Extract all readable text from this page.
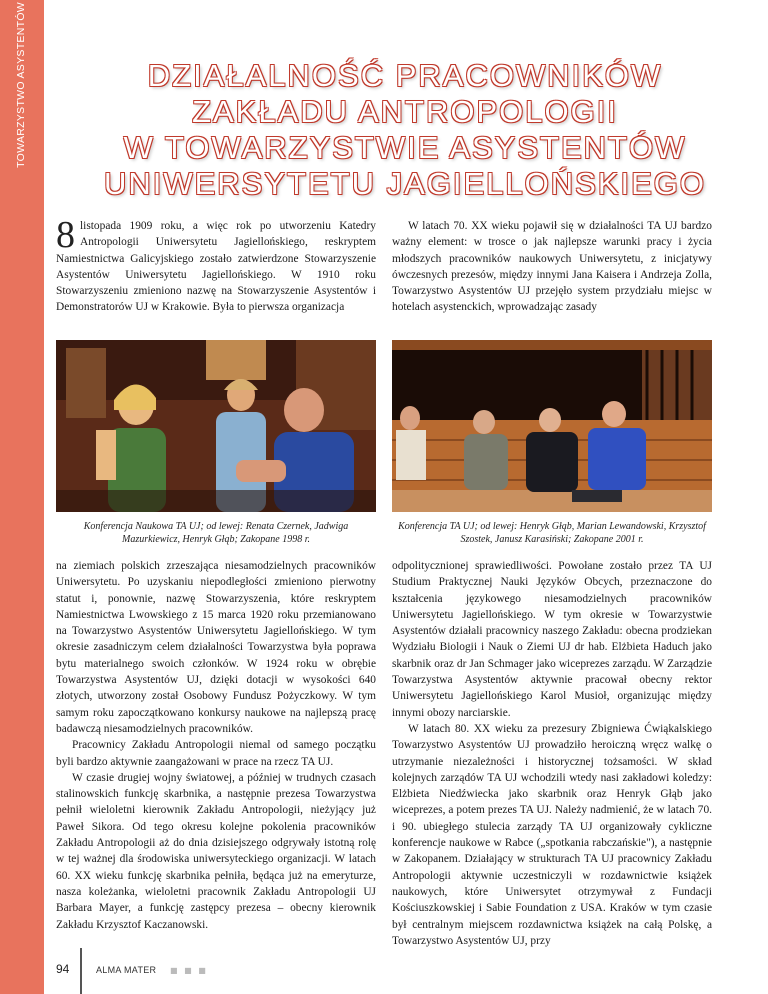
TOWARZYSTWO ASYSTENTÓW	DZIAŁALNOŚĆ PRACOWNIKÓW
ZAKŁADU ANTROPOLOGII
W TOWARZYSTWIE ASYSTENTÓW
UNIWERSYTETU JAGIELLOŃSKIEGO

8 listopada 1909 roku, a więc rok po utworzeniu Katedry Antropologii Uniwersytetu Jagiellońskiego, reskryptem Namiestnictwa Galicyjskiego zostało zatwierdzone Stowarzyszenie Asystentów Uniwersytetu Jagiellońskiego. W 1910 roku Stowarzyszeniu zmieniono nazwę na Stowarzyszenie Asystentów i Demonstratorów UJ w Krakowie. Była to pierwsza organizacja

W latach 70. XX wieku pojawił się w działalności TA UJ bardzo ważny element: w trosce o jak najlepsze warunki pracy i życia młodszych pracowników naukowych Uniwersytetu, z inicjatywy ówczesnych prezesów, między innymi Jana Kaisera i Andrzeja Zolla, Towarzystwo Asystentów UJ przejęło system przydziału miejsc w hotelach asystenckich, wprowadzając zasady

Konferencja Naukowa TA UJ; od lewej: Renata Czernek, Jadwiga Mazurkiewicz, Henryk Głąb; Zakopane 1998 r.
Konferencja TA UJ; od lewej: Henryk Głąb, Marian Lewandowski, Krzysztof Szostek, Janusz Karasiński; Zakopane 2001 r.

na ziemiach polskich zrzeszająca niesamodzielnych pracowników Uniwersytetu. Po uzyskaniu niepodległości zmieniono pierwotny statut i, ponownie, nazwę Stowarzyszenia, które reskryptem Namiestnictwa Lwowskiego z 15 marca 1920 roku przemianowano na Towarzystwo Asystentów Uniwersytetu Jagiellońskiego. W tym okresie zasadniczym celem działalności Towarzystwa była poprawa bytu materialnego swoich członków. W 1924 roku w obrębie Towarzystwa Asystentów UJ, dzięki dotacji w wysokości 640 złotych, utworzony został Osobowy Fundusz Pożyczkowy. W tym samym roku zapoczątkowano konkursy naukowe na najlepszą pracę badawczą niesamodzielnych pracowników.

Pracownicy Zakładu Antropologii niemal od samego początku byli bardzo aktywnie zaangażowani w prace na rzecz TA UJ.

W czasie drugiej wojny światowej, a później w trudnych czasach stalinowskich funkcję skarbnika, a następnie prezesa Towarzystwa pełnił wieloletni kierownik Zakładu Antropologii, nieżyjący już Paweł Sikora. Od tego okresu kolejne pokolenia pracowników Zakładu Antropologii aż do dnia dzisiejszego odgrywały istotną rolę w tej ważnej dla środowiska uniwersyteckiego organizacji. W latach 60. XX wieku funkcję skarbnika pełniła, będąca już na emeryturze, nasza koleżanka, wieloletni pracownik Zakładu Antropologii UJ Barbara Mayer, a funkcję zastępcy prezesa – obecny kierownik Zakładu Krzysztof Kaczanowski.

odpolitycznionej sprawiedliwości. Powołane zostało przez TA UJ Studium Praktycznej Nauki Języków Obcych, przeznaczone do kształcenia językowego niesamodzielnych pracowników Uniwersytetu Jagiellońskiego. W tym okresie w Towarzystwie Asystentów działali pracownicy naszego Zakładu: obecna prodziekan Wydziału Biologii i Nauk o Ziemi UJ dr hab. Elżbieta Haduch jako skarbnik oraz dr Jan Schmager jako wiceprezes zarządu. W Zarządzie Towarzystwa Asystentów aktywnie pracował obecny rektor Uniwersytetu Jagiellońskiego Karol Musioł, organizując między innymi obozy narciarskie.

W latach 80. XX wieku za prezesury Zbigniewa Ćwiąkalskiego Towarzystwo Asystentów UJ prowadziło heroiczną wręcz walkę o utrzymanie niezależności i historycznej tożsamości. W skład kolejnych zarządów TA UJ wchodzili wtedy nasi zakładowi koledzy: Elżbieta Niedźwiecka jako skarbnik oraz Henryk Głąb jako wiceprezes, a potem prezes TA UJ. Należy nadmienić, że w latach 70. i 90. ubiegłego stulecia zarządy TA UJ organizowały cykliczne konferencje naukowe w Rabce („spotkania rabczańskie"), a następnie w Zakopanem. Działający w strukturach TA UJ pracownicy Zakładu Antropologii aktywnie uczestniczyli w rozdawnictwie książek naukowych, które Uniwersytet otrzymywał z Fundacji Kościuszkowskiej i Sabie Foundation z USA. Kraków w tym czasie był centralnym miejscem rozdawnictwa książek na całą Polskę, a Towarzystwo Asystentów UJ, przy

94	ALMA MATER ■ ■ ■
